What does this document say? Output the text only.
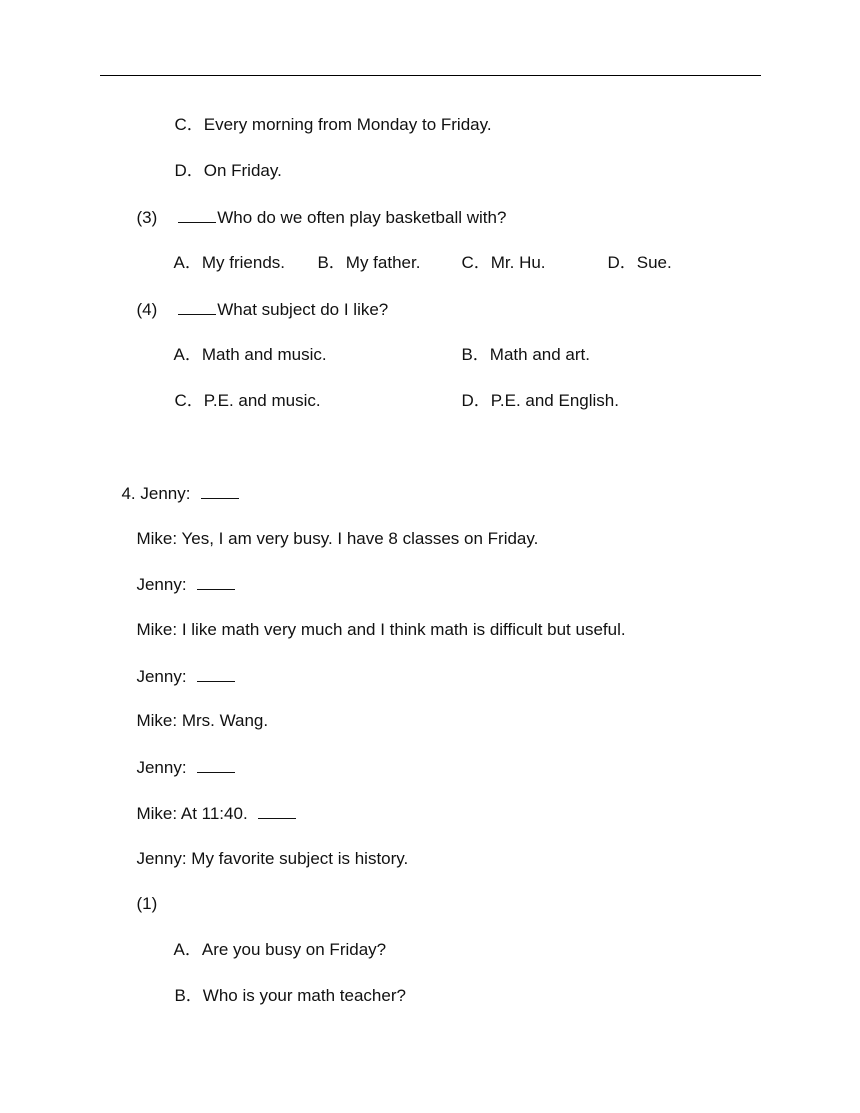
C．Every morning from Monday to Friday.

D．On Friday.

(3)	Who do we often play basketball with?

A．My friends.	B．My father.	C．Mr. Hu.	D．Sue.

(4)	What subject do I like?

A．Math and music.	B．Math and art.

C．P.E. and music.	D．P.E. and English.

4. Jenny:

Mike: Yes, I am very busy. I have 8 classes on Friday.

Jenny:

Mike: I like math very much and I think math is difficult but useful.

Jenny:

Mike: Mrs. Wang.

Jenny:

Mike: At 11:40.

Jenny: My favorite subject is history.

(1)

A．Are you busy on Friday?

B．Who is your math teacher?
